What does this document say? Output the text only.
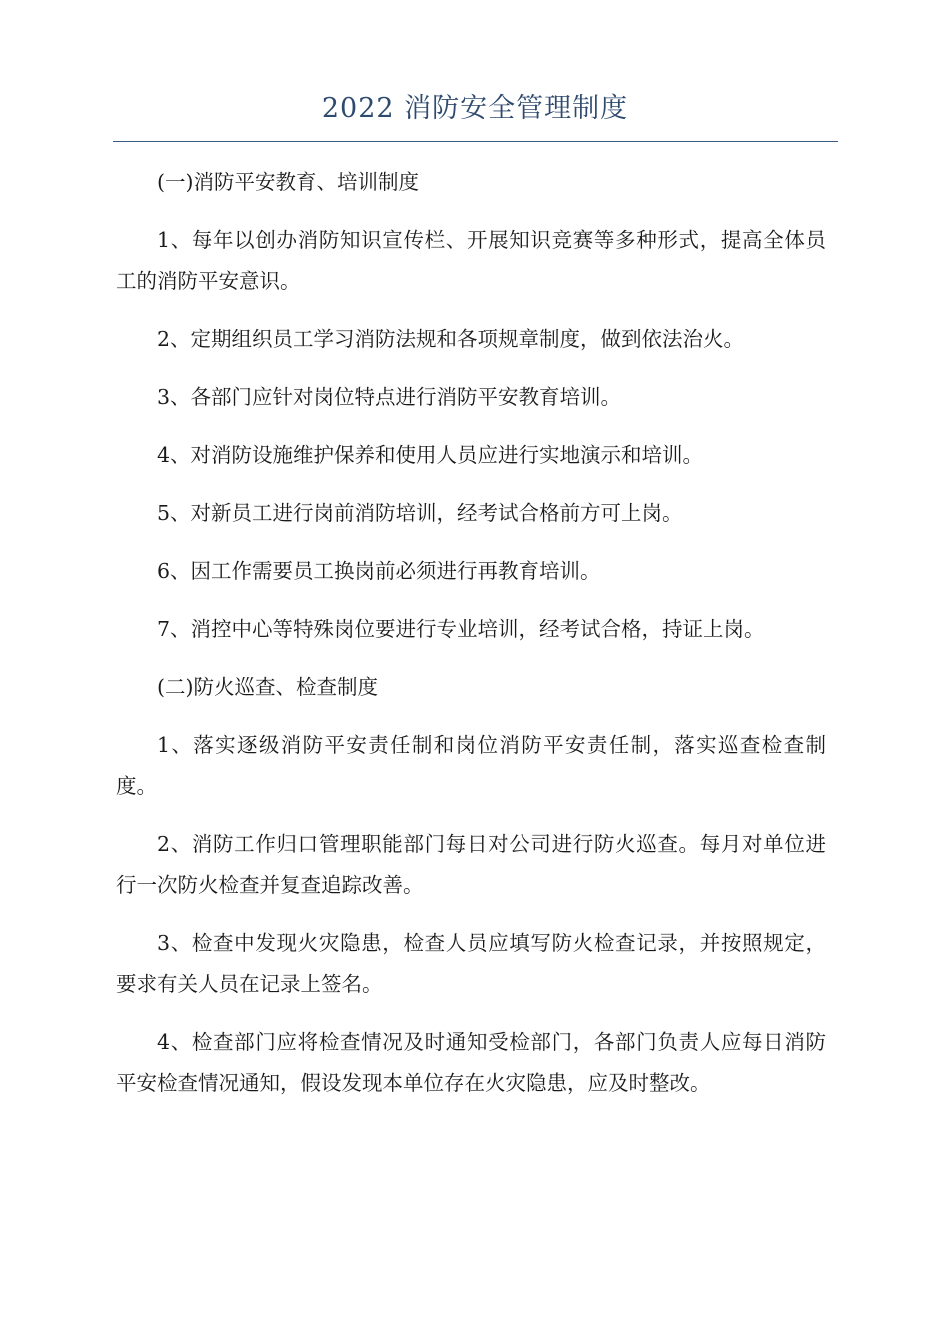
2022 消防安全管理制度

(一)消防平安教育、培训制度

1、每年以创办消防知识宣传栏、开展知识竞赛等多种形式，提高全体员工的消防平安意识。

2、定期组织员工学习消防法规和各项规章制度，做到依法治火。

3、各部门应针对岗位特点进行消防平安教育培训。

4、对消防设施维护保养和使用人员应进行实地演示和培训。

5、对新员工进行岗前消防培训，经考试合格前方可上岗。

6、因工作需要员工换岗前必须进行再教育培训。

7、消控中心等特殊岗位要进行专业培训，经考试合格，持证上岗。

(二)防火巡查、检查制度

1、落实逐级消防平安责任制和岗位消防平安责任制，落实巡查检查制度。

2、消防工作归口管理职能部门每日对公司进行防火巡查。每月对单位进行一次防火检查并复查追踪改善。

3、检查中发现火灾隐患，检查人员应填写防火检查记录，并按照规定，要求有关人员在记录上签名。

4、检查部门应将检查情况及时通知受检部门，各部门负责人应每日消防平安检查情况通知，假设发现本单位存在火灾隐患，应及时整改。
